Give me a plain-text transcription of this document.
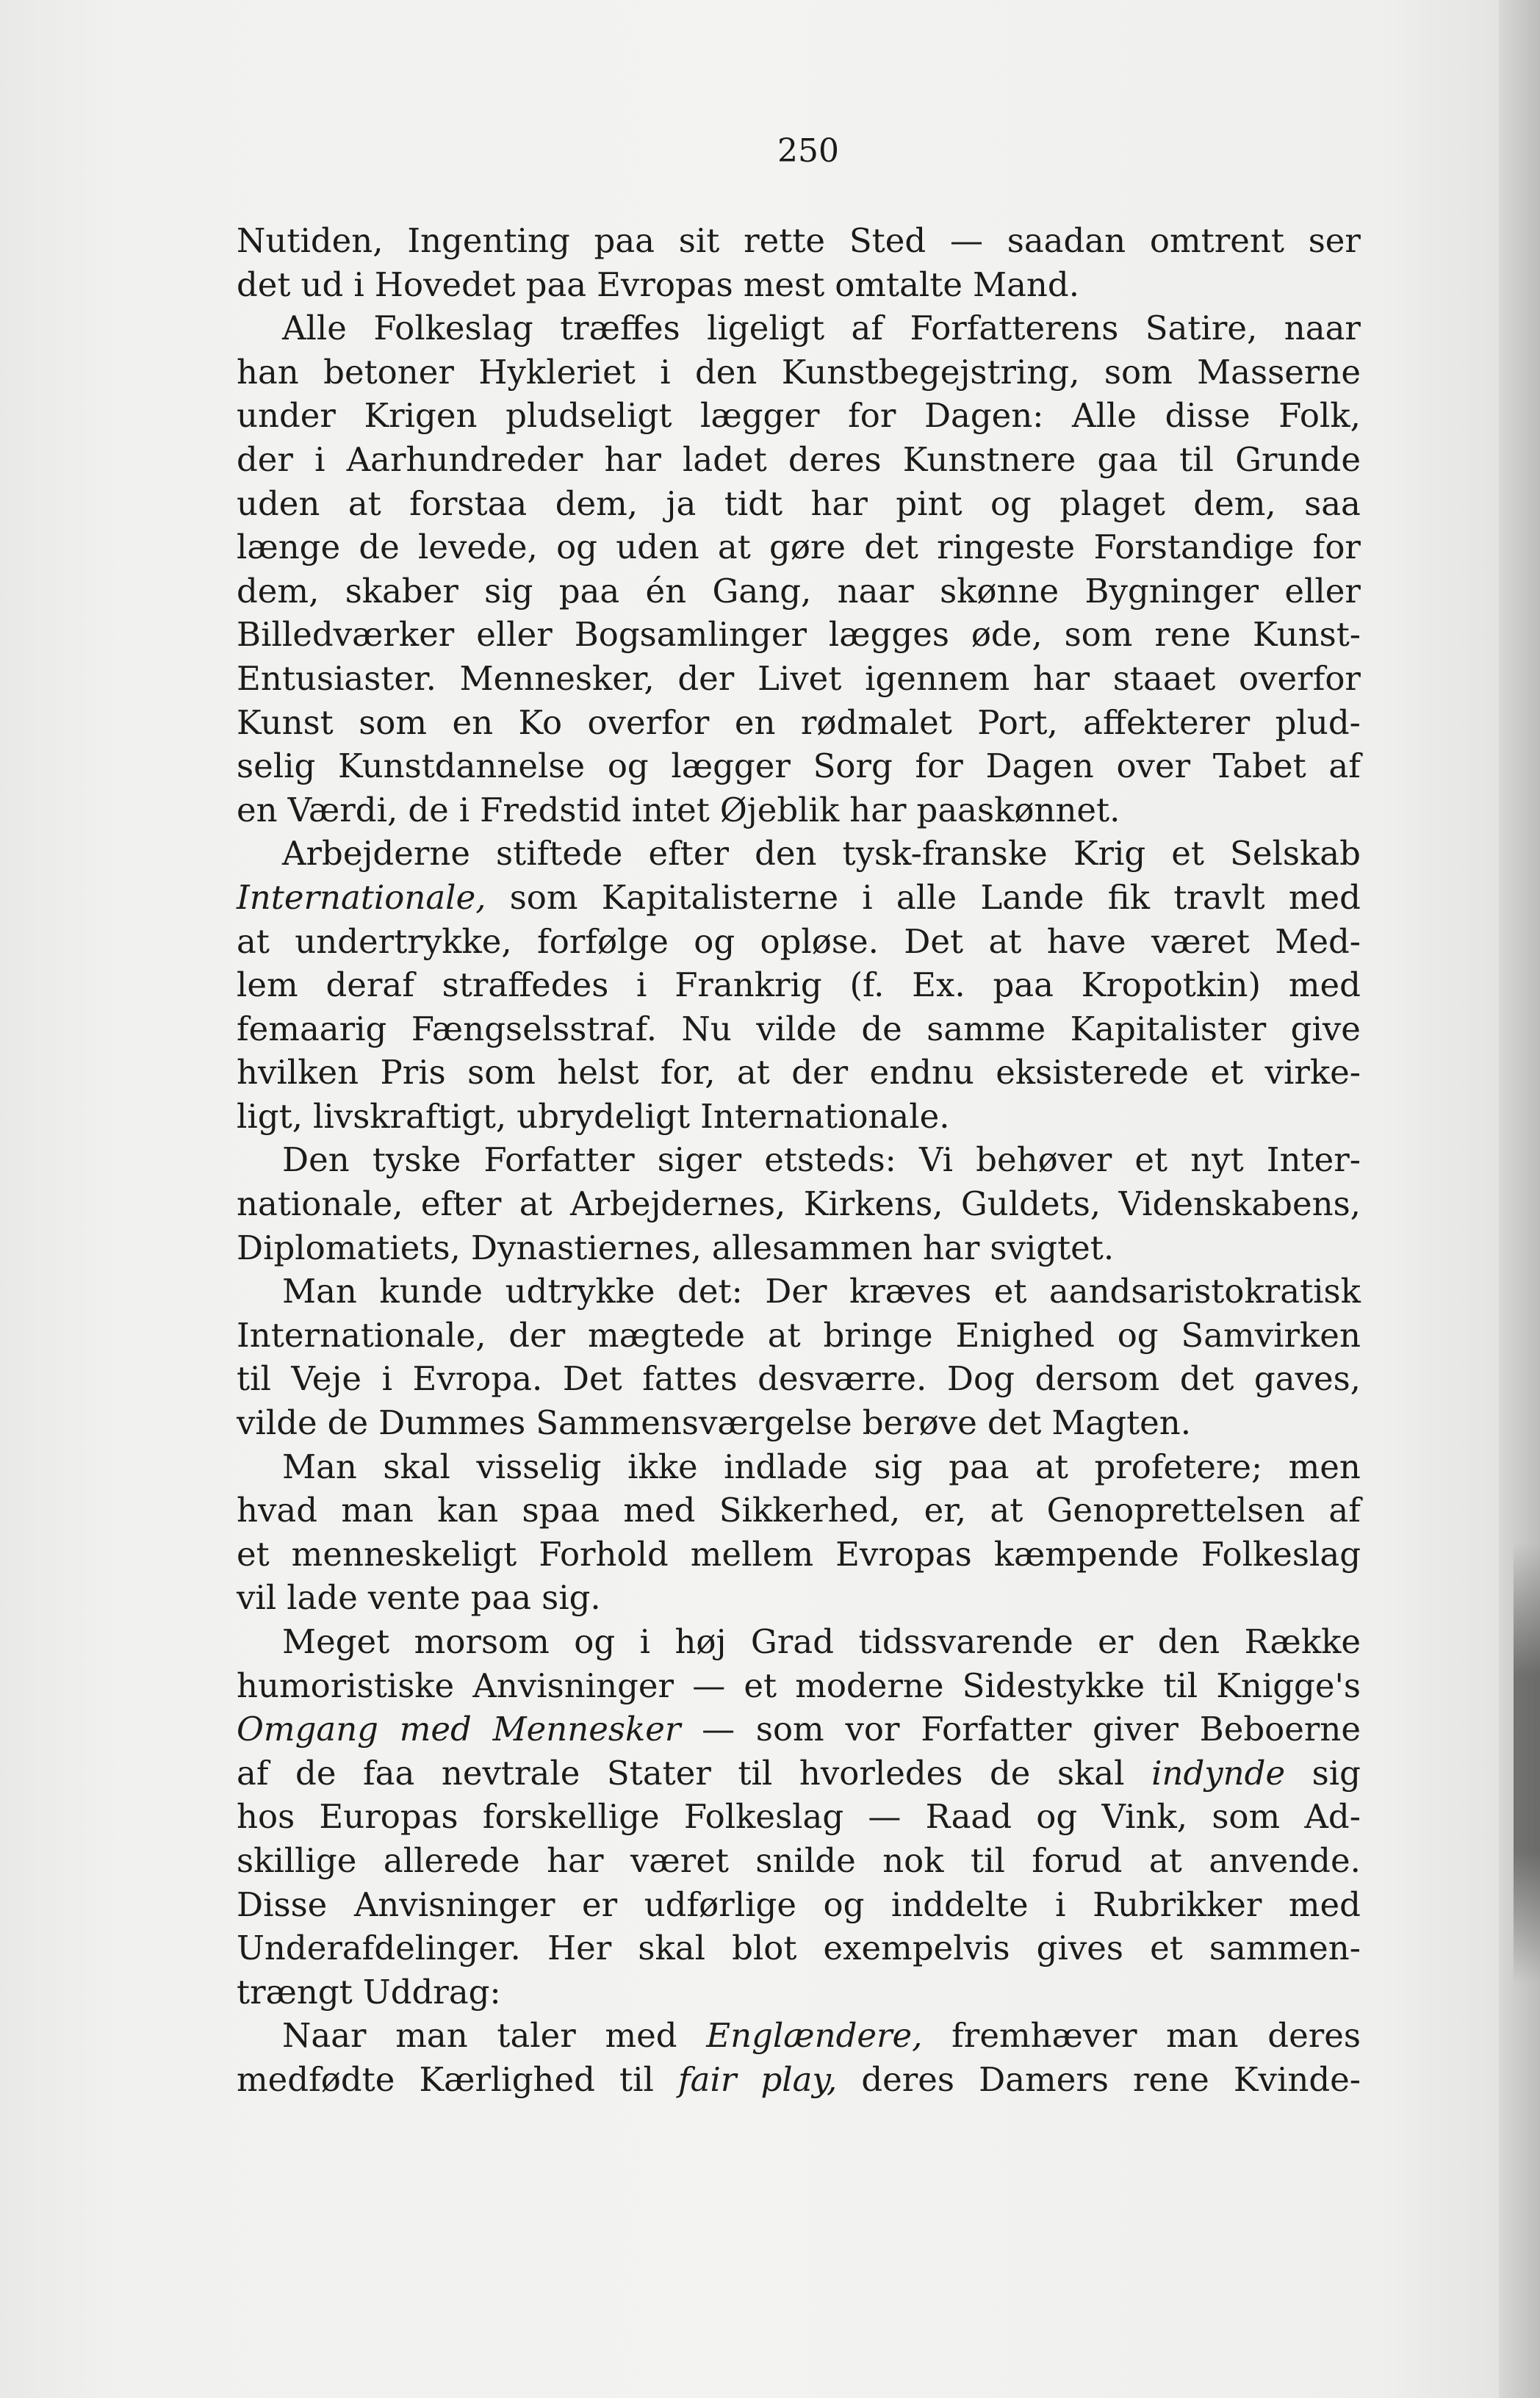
250
Nutiden, Ingenting paa sit rette Sted — saadan omtrent ser
det ud i Hovedet paa Evropas mest omtalte Mand.
Alle Folkeslag træffes ligeligt af Forfatterens Satire, naar
han betoner Hykleriet i den Kunstbegejstring, som Masserne
under Krigen pludseligt lægger for Dagen: Alle disse Folk,
der i Aarhundreder har ladet deres Kunstnere gaa til Grunde
uden at forstaa dem, ja tidt har pint og plaget dem, saa
længe de levede, og uden at gøre det ringeste Forstandige for
dem, skaber sig paa én Gang, naar skønne Bygninger eller
Billedværker eller Bogsamlinger lægges øde, som rene Kunst-
Entusiaster. Mennesker, der Livet igennem har staaet overfor
Kunst som en Ko overfor en rødmalet Port, affekterer plud-
selig Kunstdannelse og lægger Sorg for Dagen over Tabet af
en Værdi, de i Fredstid intet Øjeblik har paaskønnet.
Arbejderne stiftede efter den tysk-franske Krig et Selskab
Internationale, som Kapitalisterne i alle Lande fik travlt med
at undertrykke, forfølge og opløse. Det at have været Med-
lem deraf straffedes i Frankrig (f. Ex. paa Kropotkin) med
femaarig Fængselsstraf. Nu vilde de samme Kapitalister give
hvilken Pris som helst for, at der endnu eksisterede et virke-
ligt, livskraftigt, ubrydeligt Internationale.
Den tyske Forfatter siger etsteds: Vi behøver et nyt Inter-
nationale, efter at Arbejdernes, Kirkens, Guldets, Videnskabens,
Diplomatiets, Dynastiernes, allesammen har svigtet.
Man kunde udtrykke det: Der kræves et aandsaristokratisk
Internationale, der mægtede at bringe Enighed og Samvirken
til Veje i Evropa. Det fattes desværre. Dog dersom det gaves,
vilde de Dummes Sammensværgelse berøve det Magten.
Man skal visselig ikke indlade sig paa at profetere; men
hvad man kan spaa med Sikkerhed, er, at Genoprettelsen af
et menneskeligt Forhold mellem Evropas kæmpende Folkeslag
vil lade vente paa sig.
Meget morsom og i høj Grad tidssvarende er den Række
humoristiske Anvisninger — et moderne Sidestykke til Knigge's
Omgang med Mennesker — som vor Forfatter giver Beboerne
af de faa nevtrale Stater til hvorledes de skal indynde sig
hos Europas forskellige Folkeslag — Raad og Vink, som Ad-
skillige allerede har været snilde nok til forud at anvende.
Disse Anvisninger er udførlige og inddelte i Rubrikker med
Underafdelinger. Her skal blot exempelvis gives et sammen-
trængt Uddrag:
Naar man taler med Englændere, fremhæver man deres
medfødte Kærlighed til fair play, deres Damers rene Kvinde-
